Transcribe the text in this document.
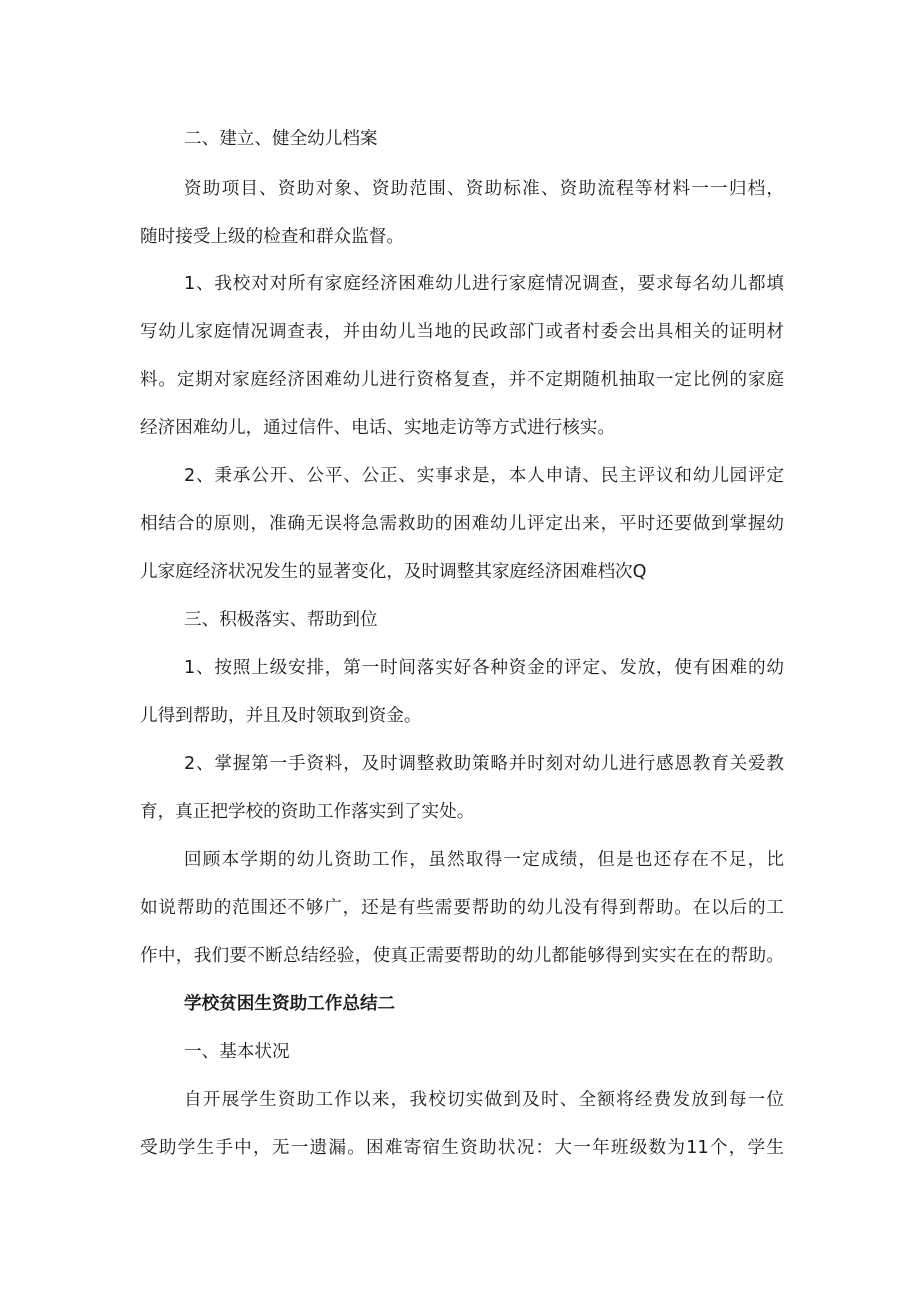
二、建立、健全幼儿档案
资助项目、资助对象、资助范围、资助标准、资助流程等材料一一归档，
随时接受上级的检查和群众监督。
1、我校对对所有家庭经济困难幼儿进行家庭情况调查，要求每名幼儿都填
写幼儿家庭情况调查表，并由幼儿当地的民政部门或者村委会出具相关的证明材
料。定期对家庭经济困难幼儿进行资格复查，并不定期随机抽取一定比例的家庭
经济困难幼儿，通过信件、电话、实地走访等方式进行核实。
2、秉承公开、公平、公正、实事求是，本人申请、民主评议和幼儿园评定
相结合的原则，准确无误将急需救助的困难幼儿评定出来，平时还要做到掌握幼
儿家庭经济状况发生的显著变化，及时调整其家庭经济困难档次Q
三、积极落实、帮助到位
1、按照上级安排，第一时间落实好各种资金的评定、发放，使有困难的幼
儿得到帮助，并且及时领取到资金。
2、掌握第一手资料，及时调整救助策略并时刻对幼儿进行感恩教育关爱教
育，真正把学校的资助工作落实到了实处。
回顾本学期的幼儿资助工作，虽然取得一定成绩，但是也还存在不足，比
如说帮助的范围还不够广，还是有些需要帮助的幼儿没有得到帮助。在以后的工
作中，我们要不断总结经验，使真正需要帮助的幼儿都能够得到实实在在的帮助。
学校贫困生资助工作总结二
一、基本状况
自开展学生资助工作以来，我校切实做到及时、全额将经费发放到每一位
受助学生手中，无一遗漏。困难寄宿生资助状况：大一年班级数为11个，学生
